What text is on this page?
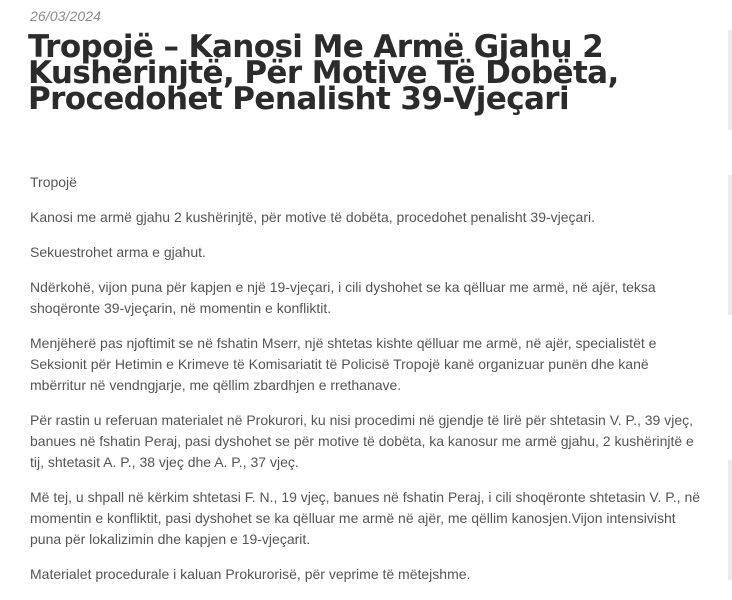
26/03/2024
Tropojë – Kanosi Me Armë Gjahu 2 Kushërinjtë, Për Motive Të Dobëta, Procedohet Penalisht 39-Vjeçari

Tropojë

Kanosi me armë gjahu 2 kushërinjtë, për motive të dobëta, procedohet penalisht 39-vjeçari.

Sekuestrohet arma e gjahut.

Ndërkohë, vijon puna për kapjen e një 19-vjeçari, i cili dyshohet se ka qëlluar me armë, në ajër, teksa shoqëronte 39-vjeçarin, në momentin e konfliktit.

Menjëherë pas njoftimit se në fshatin Mserr, një shtetas kishte qëlluar me armë, në ajër, specialistët e Seksionit për Hetimin e Krimeve të Komisariatit të Policisë Tropojë kanë organizuar punën dhe kanë mbërritur në vendngjarje, me qëllim zbardhjen e rrethanave.

Për rastin u referuan materialet në Prokurori, ku nisi procedimi në gjendje të lirë për shtetasin V. P., 39 vjeç, banues në fshatin Peraj, pasi dyshohet se për motive të dobëta, ka kanosur me armë gjahu, 2 kushërinjtë e tij, shtetasit A. P., 38 vjeç dhe A. P., 37 vjeç.

Më tej, u shpall në kërkim shtetasi F. N., 19 vjeç, banues në fshatin Peraj, i cili shoqëronte shtetasin V. P., në momentin e konfliktit, pasi dyshohet se ka qëlluar me armë në ajër, me qëllim kanosjen.Vijon intensivisht puna për lokalizimin dhe kapjen e 19-vjeçarit.

Materialet procedurale i kaluan Prokurorisë, për veprime të mëtejshme.
